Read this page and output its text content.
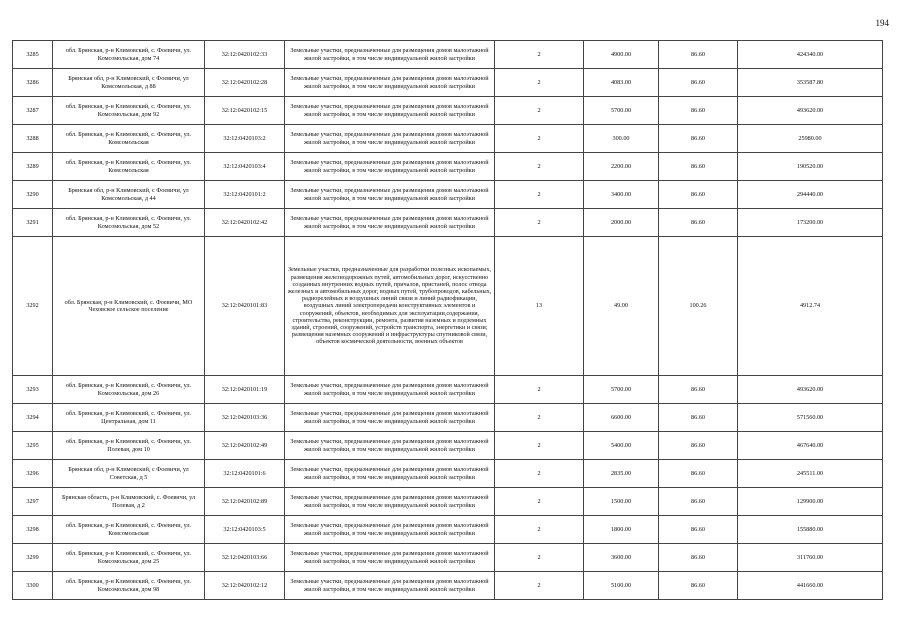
194
3285	обл. Брянская, р-н Климовский, с. Фоевичи, ул. Комсомольская, дом 74	32:12:0420102:33	Земельные участки, предназначенные для размещения домов малоэтажной жилой застройки, в том числе индивидуальной жилой застройки	2	4900.00	86.60	424340.00
3286	Брянская обл, р-н Климовский, с Фоевичи, ул Комсомольская, д 88	32:12:0420102:28	Земельные участки, предназначенные для размещения домов малоэтажной жилой застройки, в том числе индивидуальной жилой застройки	2	4083.00	86.60	353587.80
3287	обл. Брянская, р-н Климовский, с. Фоевичи, ул. Комсомольская, дом 92	32:12:0420102:15	Земельные участки, предназначенные для размещения домов малоэтажной жилой застройки, в том числе индивидуальной жилой застройки	2	5700.00	86.60	493620.00
3288	обл. Брянская, р-н Климовский, с. Фоевичи, ул. Комсомольская	32:12:0420103:2	Земельные участки, предназначенные для размещения домов малоэтажной жилой застройки, в том числе индивидуальной жилой застройки	2	300.00	86.60	25980.00
3289	обл. Брянская, р-н Климовский, с. Фоевичи, ул. Комсомольская	32:12:0420103:4	Земельные участки, предназначенные для размещения домов малоэтажной жилой застройки, в том числе индивидуальной жилой застройки	2	2200.00	86.60	190520.00
3290	Брянская обл, р-н Климовский, с Фоевичи, ул Комсомольская, д 44	32:12:0420101:2	Земельные участки, предназначенные для размещения домов малоэтажной жилой застройки, в том числе индивидуальной жилой застройки	2	3400.00	86.60	294440.00
3291	обл. Брянская, р-н Климовский, с. Фоевичи, ул. Комсомольская, дом 52	32:12:0420102:42	Земельные участки, предназначенные для размещения домов малоэтажной жилой застройки, в том числе индивидуальной жилой застройки	2	2000.00	86.60	173200.00
3292	обл. Брянская, р-н Климовский, с. Фоевичи, МО Чеховское сельское поселение	32:12:0420101:83	Земельные участки, предназначенные для разработки полезных ископаемых, размещения железнодорожных путей, автомобильных дорог, искусственно созданных внутренних водных путей, причалов, пристаней, полос отвода железных и автомобильных дорог, водных путей, трубопроводов, кабельных, радиорелейных и воздушных линий связи и линий радиофикации, воздушных линий электропередачи конструктивных элементов и сооружений, объектов, необходимых для эксплуатации,содержания, строительства, реконструкции, ремонта, развития наземных и подземных зданий, строений, сооружений, устройств транспорта, энергетики и связи; размещения наземных сооружений и инфраструктуры спутниковой связи, объектов космической деятельности, военных объектов	13	49.00	100.26	4912.74
3293	обл. Брянская, р-н Климовский, с. Фоевичи, ул. Комсомольская, дом 26	32:12:0420101:19	Земельные участки, предназначенные для размещения домов малоэтажной жилой застройки, в том числе индивидуальной жилой застройки	2	5700.00	86.60	493620.00
3294	обл. Брянская, р-н Климовский, с. Фоевичи, ул. Центральная, дом 11	32:12:0420103:36	Земельные участки, предназначенные для размещения домов малоэтажной жилой застройки, в том числе индивидуальной жилой застройки	2	6600.00	86.60	571560.00
3295	обл. Брянская, р-н Климовский, с. Фоевичи, ул. Полевая, дом 10	32:12:0420102:49	Земельные участки, предназначенные для размещения домов малоэтажной жилой застройки, в том числе индивидуальной жилой застройки	2	5400.00	86.60	467640.00
3296	Брянская обл, р-н Климовский, с Фоевичи, ул Советская, д 5	32:12:0420101:6	Земельные участки, предназначенные для размещения домов малоэтажной жилой застройки, в том числе индивидуальной жилой застройки	2	2835.00	86.60	245511.00
3297	Брянская область, р-н Климовский, с. Фоевичи, ул Полевая, д 2	32:12:0420102:89	Земельные участки, предназначенные для размещения домов малоэтажной жилой застройки, в том числе индивидуальной жилой застройки	2	1500.00	86.60	129900.00
3298	обл. Брянская, р-н Климовский, с. Фоевичи, ул. Комсомольская	32:12:0420103:5	Земельные участки, предназначенные для размещения домов малоэтажной жилой застройки, в том числе индивидуальной жилой застройки	2	1800.00	86.60	155880.00
3299	обл. Брянская, р-н Климовский, с. Фоевичи, ул. Комсомольская, дом 25	32:12:0420103:66	Земельные участки, предназначенные для размещения домов малоэтажной жилой застройки, в том числе индивидуальной жилой застройки	2	3600.00	86.60	311760.00
3300	обл. Брянская, р-н Климовский, с. Фоевичи, ул. Комсомольская, дом 98	32:12:0420102:12	Земельные участки, предназначенные для размещения домов малоэтажной жилой застройки, в том числе индивидуальной жилой застройки	2	5100.00	86.60	441660.00
